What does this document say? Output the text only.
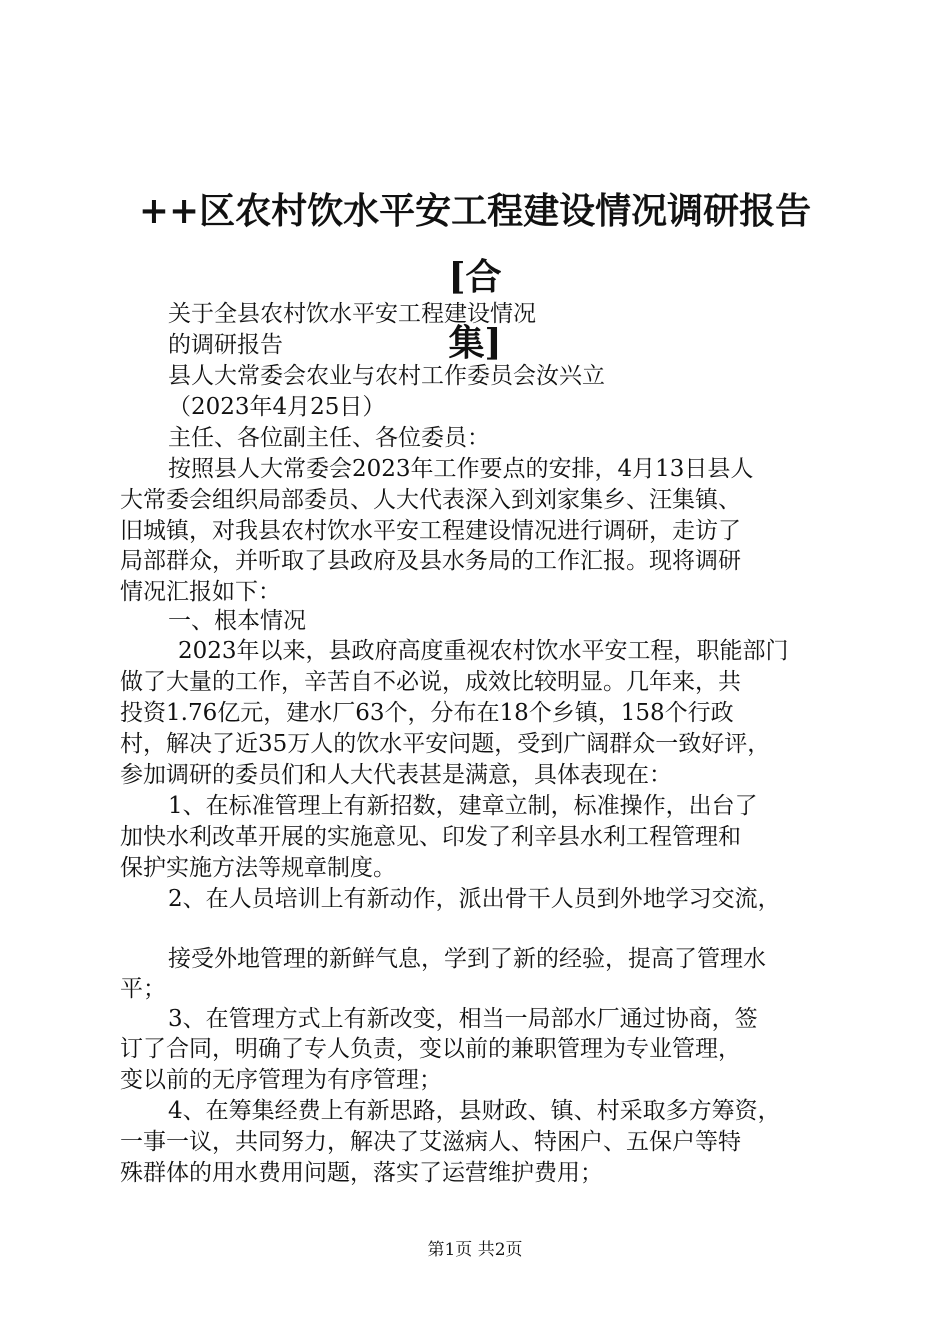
++区农村饮水平安工程建设情况调研报告[合
集]

关于全县农村饮水平安工程建设情况

的调研报告

县人大常委会农业与农村工作委员会汝兴立

（2023年4月25日）

主任、各位副主任、各位委员：

按照县人大常委会2023年工作要点的安排，4月13日县人

大常委会组织局部委员、人大代表深入到刘家集乡、汪集镇、

旧城镇，对我县农村饮水平安工程建设情况进行调研，走访了

局部群众，并听取了县政府及县水务局的工作汇报。现将调研

情况汇报如下：

一、根本情况

2023年以来，县政府高度重视农村饮水平安工程，职能部门

做了大量的工作，辛苦自不必说，成效比较明显。几年来，共

投资1.76亿元，建水厂63个，分布在18个乡镇，158个行政

村，解决了近35万人的饮水平安问题，受到广阔群众一致好评，

参加调研的委员们和人大代表甚是满意，具体表现在：

1、在标准管理上有新招数，建章立制，标准操作，出台了

加快水利改革开展的实施意见、印发了利辛县水利工程管理和

保护实施方法等规章制度。

2、在人员培训上有新动作，派出骨干人员到外地学习交流，

接受外地管理的新鲜气息，学到了新的经验，提高了管理水

平；

3、在管理方式上有新改变，相当一局部水厂通过协商，签

订了合同，明确了专人负责，变以前的兼职管理为专业管理，

变以前的无序管理为有序管理；

4、在筹集经费上有新思路，县财政、镇、村采取多方筹资，

一事一议，共同努力，解决了艾滋病人、特困户、五保户等特

殊群体的用水费用问题，落实了运营维护费用；

第1页 共2页
